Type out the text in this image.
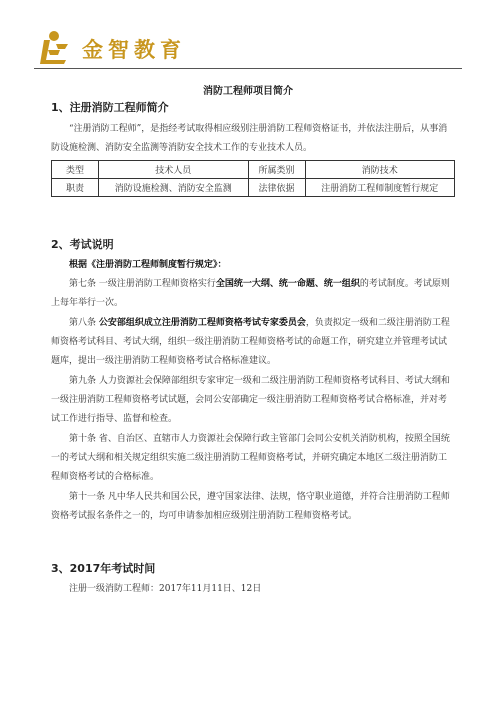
金智教育
消防工程师项目简介
1、注册消防工程师简介
“注册消防工程师”，是指经考试取得相应级别注册消防工程师资格证书，并依法注册后，从事消防设施检测、消防安全监测等消防安全技术工作的专业技术人员。
类型	技术人员	所属类别	消防技术
职责	消防设施检测、消防安全监测	法律依据	注册消防工程师制度暂行规定
2、考试说明
根据《注册消防工程师制度暂行规定》：
第七条 一级注册消防工程师资格实行全国统一大纲、统一命题、统一组织的考试制度。考试原则上每年举行一次。
第八条 公安部组织成立注册消防工程师资格考试专家委员会，负责拟定一级和二级注册消防工程师资格考试科目、考试大纲，组织一级注册消防工程师资格考试的命题工作，研究建立并管理考试试题库，提出一级注册消防工程师资格考试合格标准建议。
第九条 人力资源社会保障部组织专家审定一级和二级注册消防工程师资格考试科目、考试大纲和一级注册消防工程师资格考试试题，会同公安部确定一级注册消防工程师资格考试合格标准，并对考试工作进行指导、监督和检查。
第十条 省、自治区、直辖市人力资源社会保障行政主管部门会同公安机关消防机构，按照全国统一的考试大纲和相关规定组织实施二级注册消防工程师资格考试，并研究确定本地区二级注册消防工程师资格考试的合格标准。
第十一条 凡中华人民共和国公民，遵守国家法律、法规，恪守职业道德，并符合注册消防工程师资格考试报名条件之一的，均可申请参加相应级别注册消防工程师资格考试。
3、2017年考试时间
注册一级消防工程师：2017年11月11日、12日
